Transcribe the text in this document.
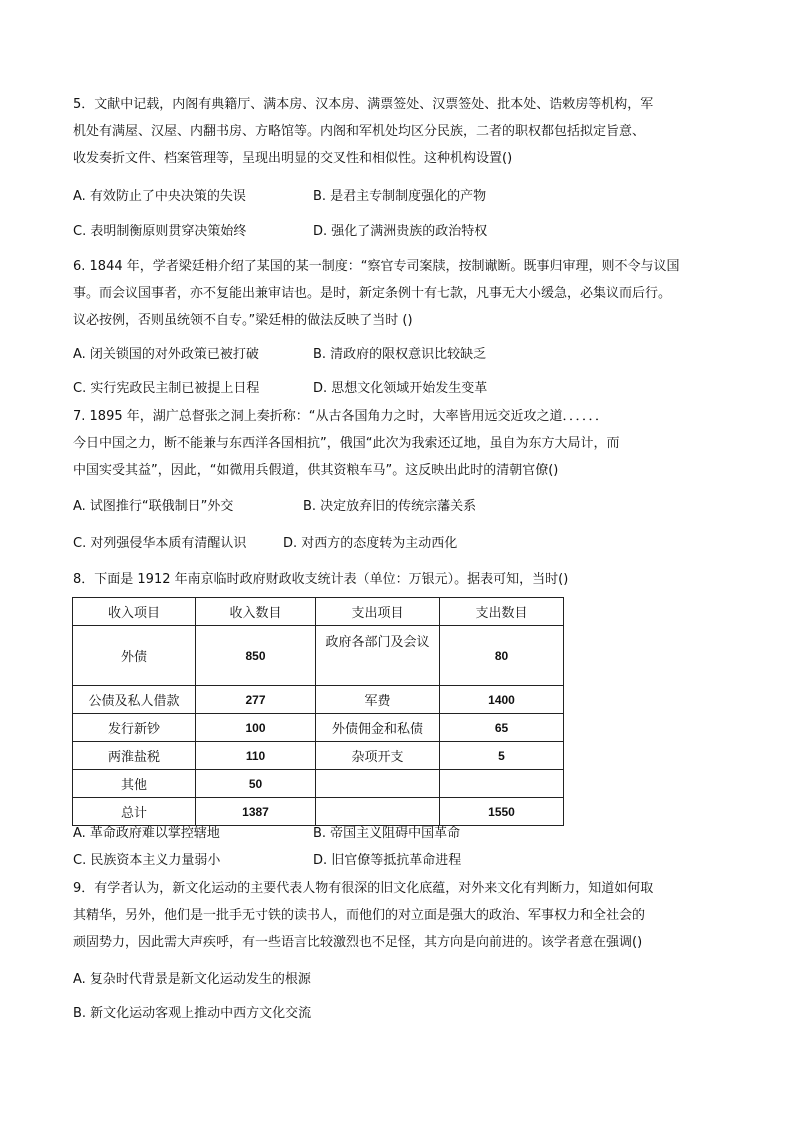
5．文献中记载，内阁有典籍厅、满本房、汉本房、满票签处、汉票签处、批本处、诰敕房等机构，军
机处有满屋、汉屋、内翻书房、方略馆等。内阁和军机处均区分民族，二者的职权都包括拟定旨意、
收发奏折文件、档案管理等，呈现出明显的交叉性和相似性。这种机构设置()
A. 有效防止了中央决策的失误	B. 是君主专制制度强化的产物
C. 表明制衡原则贯穿决策始终	D. 强化了满洲贵族的政治特权
6. 1844 年，学者梁廷枏介绍了某国的某一制度：“察官专司案牍，按制谳断。既事归审理，则不令与议国
事。而会议国事者，亦不复能出兼审诘也。是时，新定条例十有七款，凡事无大小缓急，必集议而后行。
议必按例，否则虽统领不自专。”梁廷枏的做法反映了当时 ()
A. 闭关锁国的对外政策已被打破	B. 清政府的限权意识比较缺乏
C. 实行宪政民主制已被提上日程	D. 思想文化领域开始发生变革
7. 1895 年，湖广总督张之洞上奏折称：“从古各国角力之时，大率皆用远交近攻之道．．．．．．
今日中国之力，断不能兼与东西洋各国相抗”，俄国“此次为我索还辽地，虽自为东方大局计，而
中国实受其益”，因此，“如微用兵假道，供其资粮车马”。这反映出此时的清朝官僚()
A. 试图推行“联俄制日”外交	B. 决定放弃旧的传统宗藩关系
C. 对列强侵华本质有清醒认识	D. 对西方的态度转为主动西化
8．下面是 1912 年南京临时政府财政收支统计表（单位：万银元）。据表可知，当时()
收入项目	收入数目	支出项目	支出数目
外债	850	政府各部门及会议	80
公债及私人借款	277	军费	1400
发行新钞	100	外债佣金和私债	65
两淮盐税	110	杂项开支	5
其他	50		
总计	1387		1550
A. 革命政府难以掌控辖地	B. 帝国主义阻碍中国革命
C. 民族资本主义力量弱小	D. 旧官僚等抵抗革命进程
9．有学者认为，新文化运动的主要代表人物有很深的旧文化底蕴，对外来文化有判断力，知道如何取
其精华，另外，他们是一批手无寸铁的读书人，而他们的对立面是强大的政治、军事权力和全社会的
顽固势力，因此需大声疾呼，有一些语言比较激烈也不足怪，其方向是向前进的。该学者意在强调()
A. 复杂时代背景是新文化运动发生的根源
B. 新文化运动客观上推动中西方文化交流
